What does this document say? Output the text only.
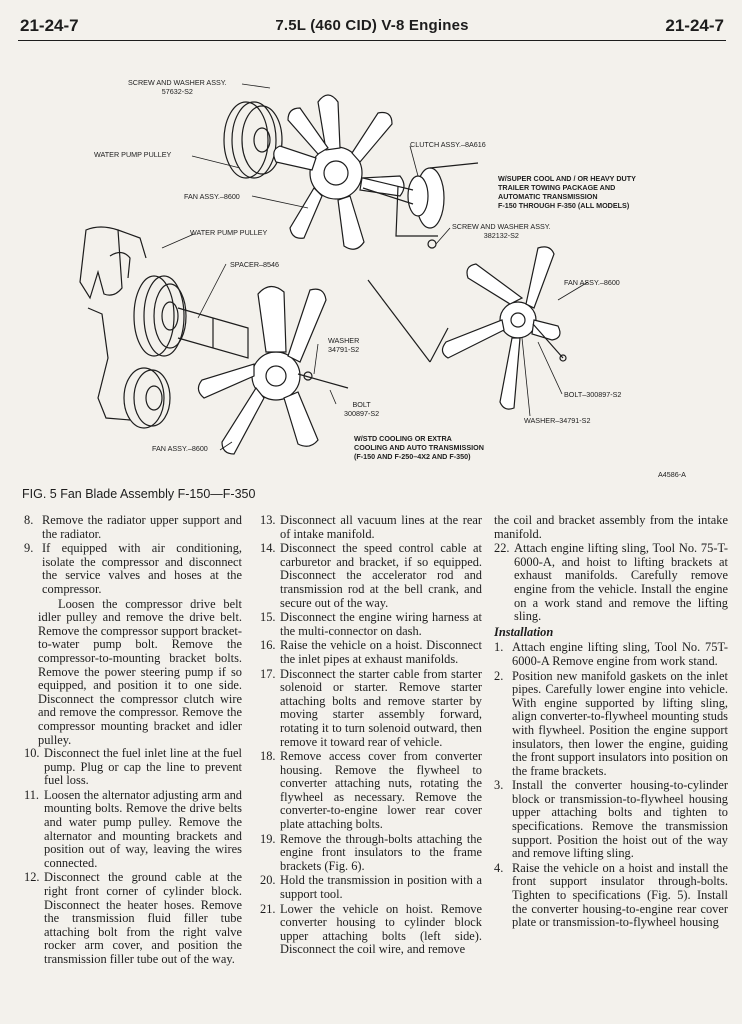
21-24-7	7.5L (460 CID) V-8 Engines	21-24-7
SCREW AND WASHER ASSY.
57632-S2
WATER PUMP PULLEY
CLUTCH ASSY.–8A616
FAN ASSY.–8600
W/SUPER COOL AND / OR HEAVY DUTY
TRAILER TOWING PACKAGE AND
AUTOMATIC TRANSMISSION
F-150 THROUGH F-350 (ALL MODELS)
SCREW AND WASHER ASSY.
382132-S2
WATER PUMP PULLEY
SPACER–8546
FAN ASSY.–8600
WASHER
34791-S2
BOLT
300897-S2
BOLT–300897-S2
WASHER–34791-S2
FAN ASSY.–8600
W/STD COOLING OR EXTRA
COOLING AND AUTO TRANSMISSION
(F-150 AND F-250–4X2 AND F-350)
A4586-A
FIG. 5 Fan Blade Assembly F-150—F-350
8. Remove the radiator upper support and the radiator.
9. If equipped with air conditioning, isolate the compressor and disconnect the service valves and hoses at the compressor.

Loosen the compressor drive belt idler pulley and remove the drive belt. Remove the compressor support bracket-to-water pump bolt. Remove the compressor-to-mounting bracket bolts. Remove the power steering pump if so equipped, and position it to one side. Disconnect the compressor clutch wire and remove the compressor. Remove the compressor mounting bracket and idler pulley.

10. Disconnect the fuel inlet line at the fuel pump. Plug or cap the line to prevent fuel loss.
11. Loosen the alternator adjusting arm and mounting bolts. Remove the drive belts and water pump pulley. Remove the alternator and mounting brackets and position out of way, leaving the wires connected.
12. Disconnect the ground cable at the right front corner of cylinder block. Disconnect the heater hoses. Remove the transmission fluid filler tube attaching bolt from the right valve rocker arm cover, and position the transmission filler tube out of the way.
13. Disconnect all vacuum lines at the rear of intake manifold.
14. Disconnect the speed control cable at carburetor and bracket, if so equipped. Disconnect the accelerator rod and transmission rod at the bell crank, and secure out of the way.
15. Disconnect the engine wiring harness at the multi-connector on dash.
16. Raise the vehicle on a hoist. Disconnect the inlet pipes at exhaust manifolds.
17. Disconnect the starter cable from starter solenoid or starter. Remove starter attaching bolts and remove starter by moving starter assembly forward, rotating it to turn solenoid outward, then remove it toward rear of vehicle.
18. Remove access cover from converter housing. Remove the flywheel to converter attaching nuts, rotating the flywheel as necessary. Remove the converter-to-engine lower rear cover plate attaching bolts.
19. Remove the through-bolts attaching the engine front insulators to the frame brackets (Fig. 6).
20. Hold the transmission in position with a support tool.
21. Lower the vehicle on hoist. Remove converter housing to cylinder block upper attaching bolts (left side). Disconnect the coil wire, and remove

the coil and bracket assembly from the intake manifold.

22. Attach engine lifting sling, Tool No. 75-T-6000-A, and hoist to lifting brackets at exhaust manifolds. Carefully remove engine from the vehicle. Install the engine on a work stand and remove the lifting sling.
Installation
1. Attach engine lifting sling, Tool No. 75T-6000-A Remove engine from work stand.
2. Position new manifold gaskets on the inlet pipes. Carefully lower engine into vehicle. With engine supported by lifting sling, align converter-to-flywheel mounting studs with flywheel. Position the engine support insulators, then lower the engine, guiding the front support insulators into position on the frame brackets.
3. Install the converter housing-to-cylinder block or transmission-to-flywheel housing upper attaching bolts and tighten to specifications. Remove the transmission support. Position the hoist out of the way and remove lifting sling.
4. Raise the vehicle on a hoist and install the front support insulator through-bolts. Tighten to specifications (Fig. 5). Install the converter housing-to-engine rear cover plate or transmission-to-flywheel housing
